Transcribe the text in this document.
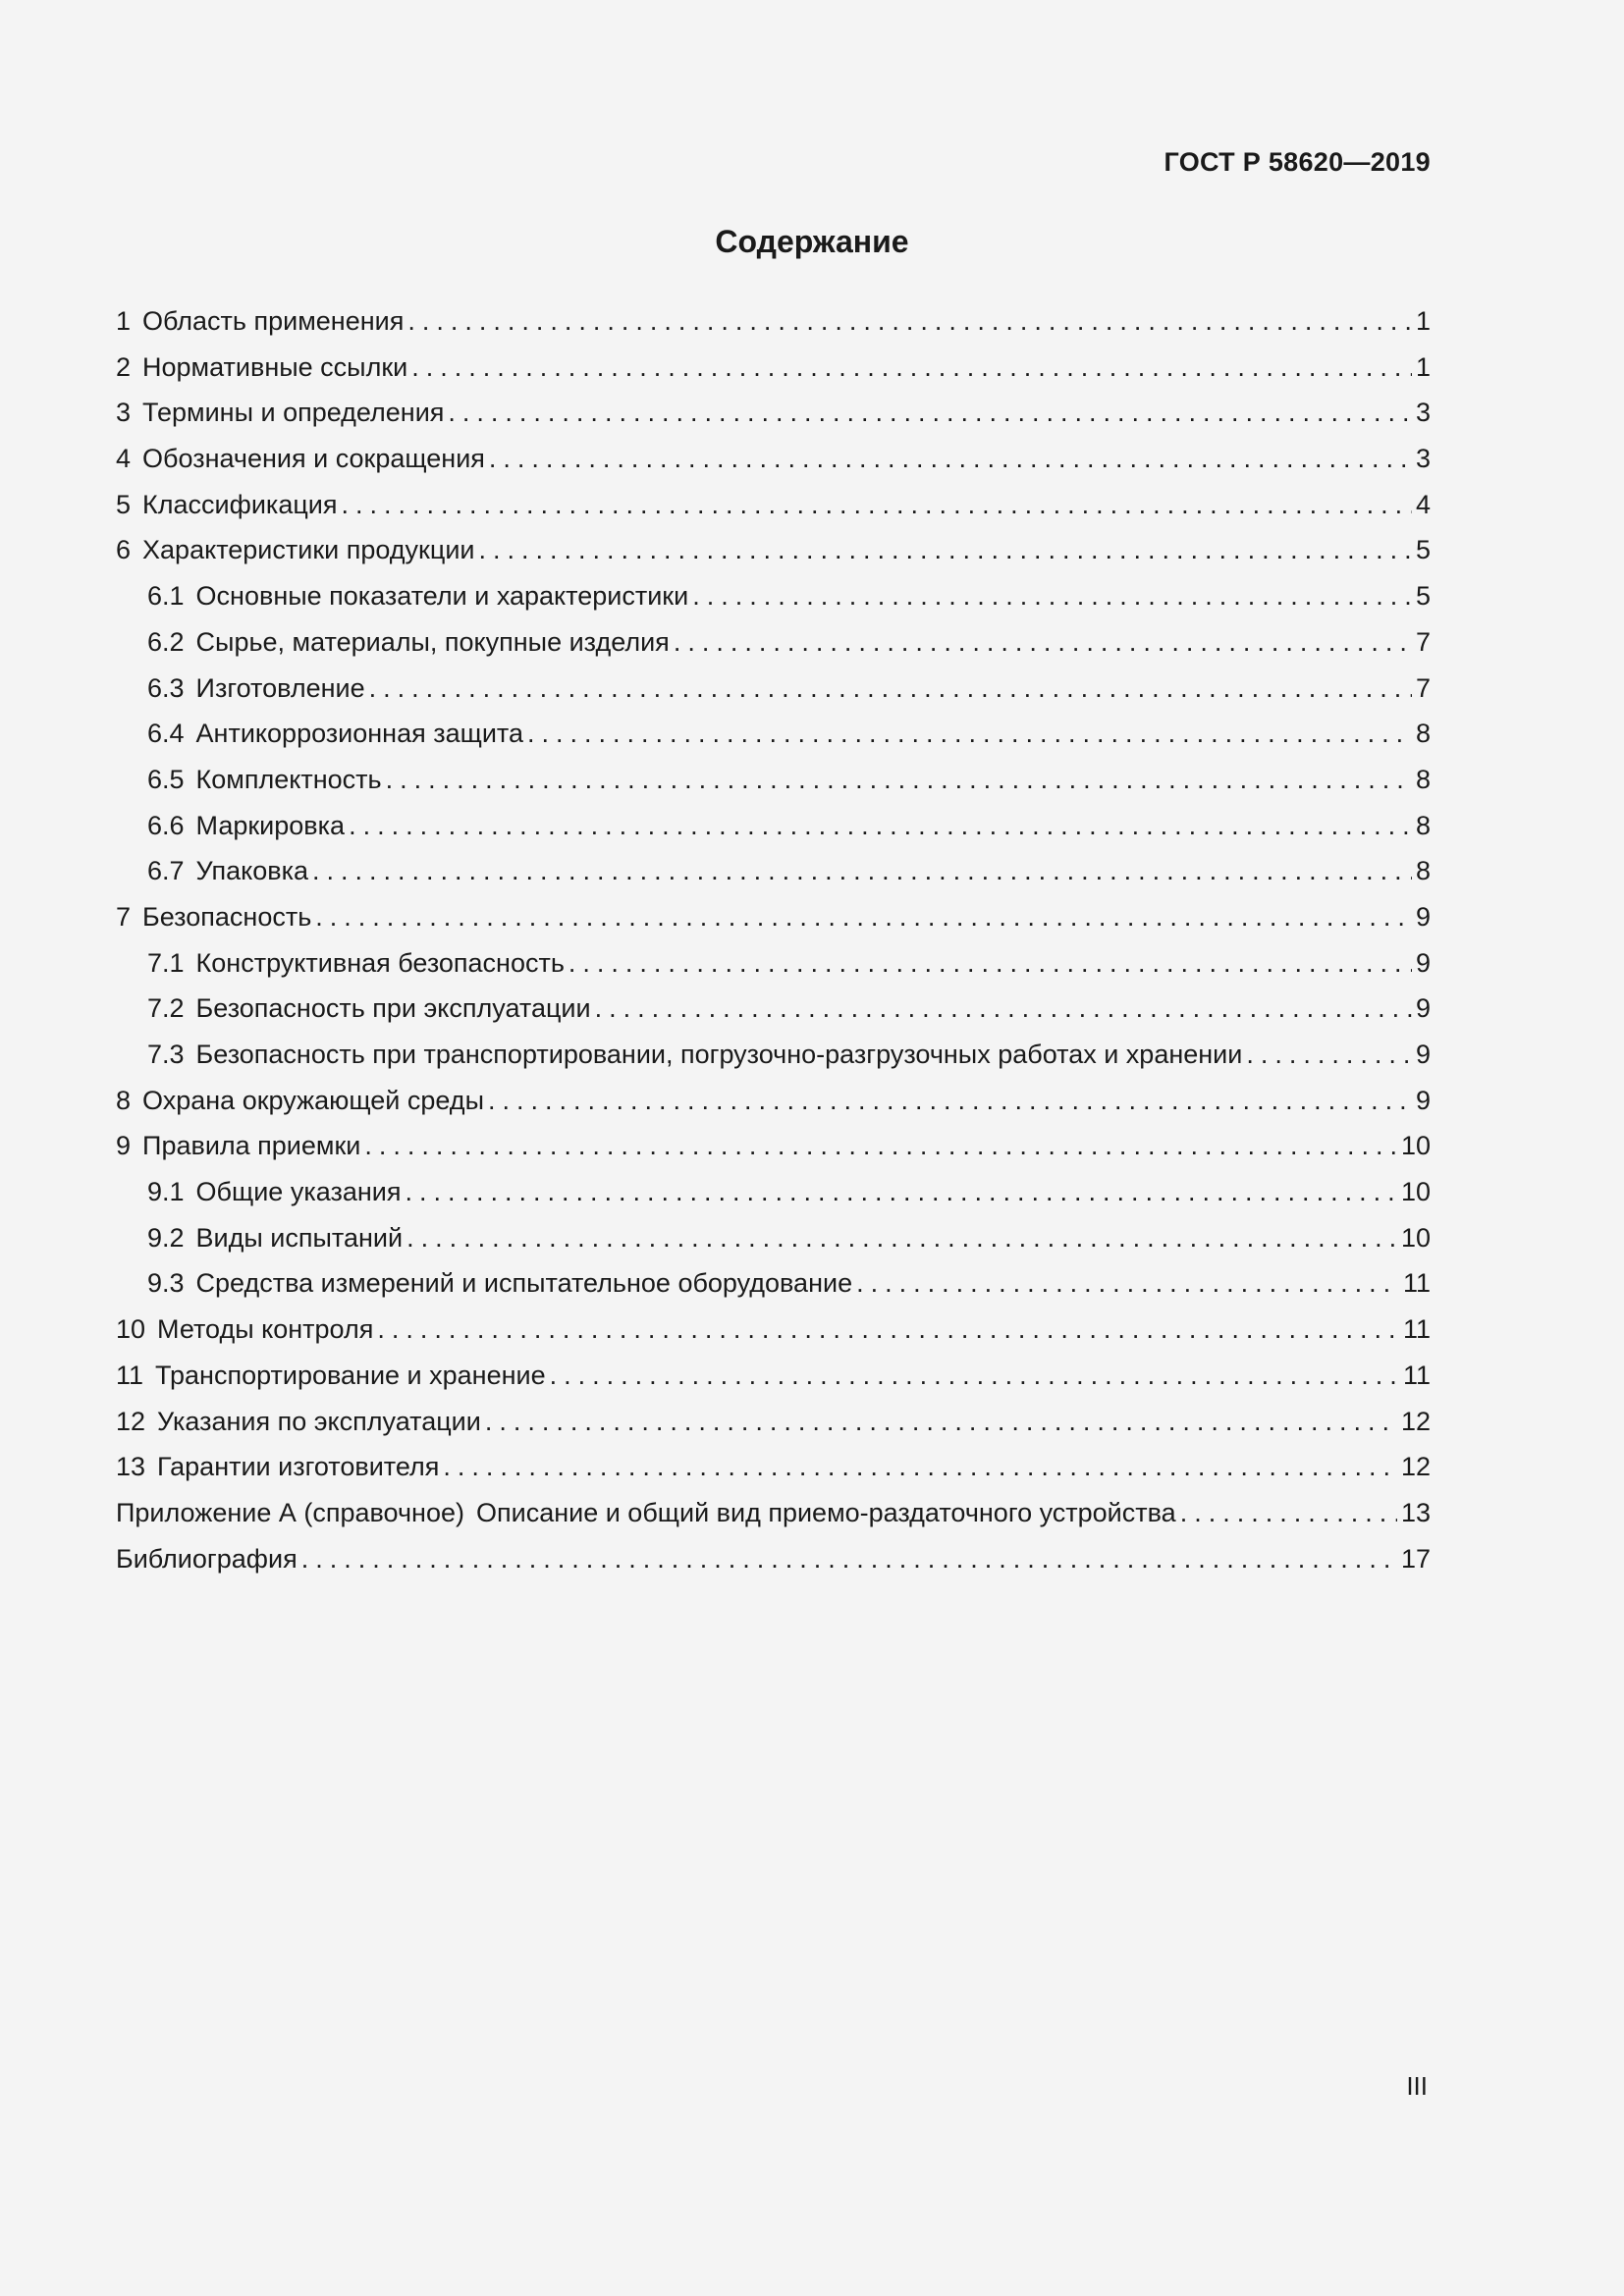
ГОСТ Р 58620—2019
Содержание
1 Область применения .....	1
2 Нормативные ссылки .....	1
3 Термины и определения .....	3
4 Обозначения и сокращения .....	3
5 Классификация .....	4
6 Характеристики продукции .....	5
6.1 Основные показатели и характеристики .....	5
6.2 Сырье, материалы, покупные изделия .....	7
6.3 Изготовление .....	7
6.4 Антикоррозионная защита .....	8
6.5 Комплектность .....	8
6.6 Маркировка .....	8
6.7 Упаковка .....	8
7 Безопасность .....	9
7.1 Конструктивная безопасность .....	9
7.2 Безопасность при эксплуатации .....	9
7.3 Безопасность при транспортировании, погрузочно-разгрузочных работах и хранении .....	9
8 Охрана окружающей среды .....	9
9 Правила приемки .....	10
9.1 Общие указания .....	10
9.2 Виды испытаний .....	10
9.3 Средства измерений и испытательное оборудование .....	11
10 Методы контроля .....	11
11 Транспортирование и хранение .....	11
12 Указания по эксплуатации .....	12
13 Гарантии изготовителя .....	12
Приложение А (справочное) Описание и общий вид приемо-раздаточного устройства .....	13
Библиография .....	17
III
